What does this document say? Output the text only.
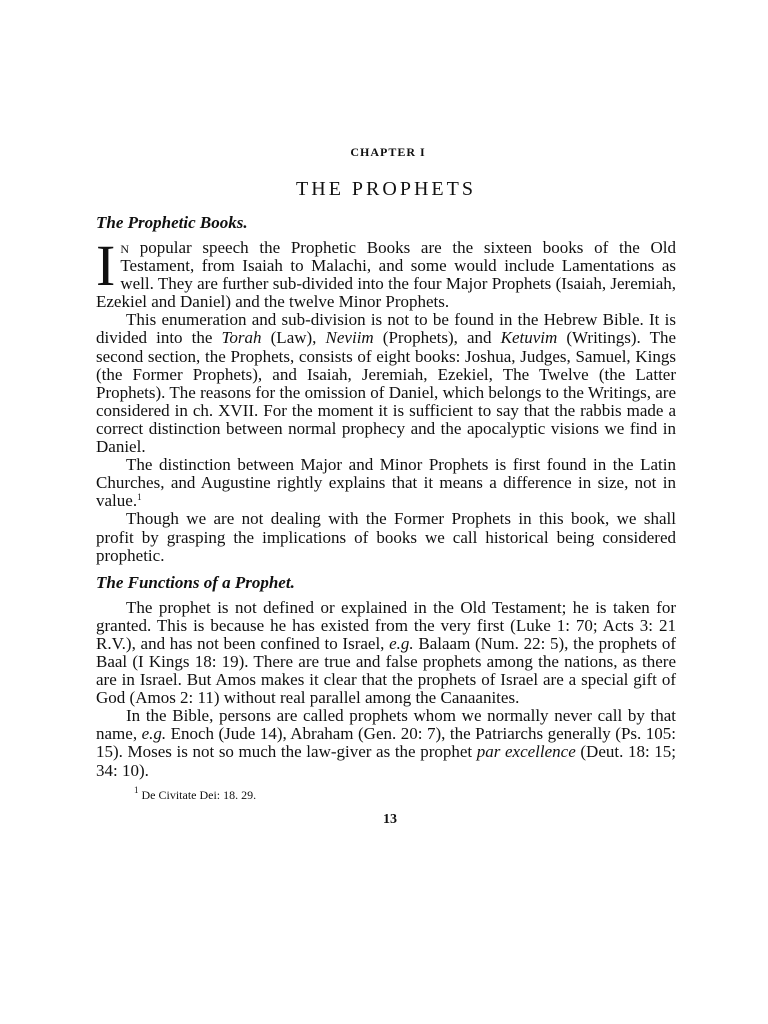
CHAPTER I

THE PROPHETS
The Prophetic Books.

In popular speech the Prophetic Books are the sixteen books of the Old Testament, from Isaiah to Malachi, and some would include Lamentations as well. They are further sub-divided into the four Major Prophets (Isaiah, Jeremiah, Ezekiel and Daniel) and the twelve Minor Prophets.

This enumeration and sub-division is not to be found in the Hebrew Bible. It is divided into the Torah (Law), Neviim (Prophets), and Ketuvim (Writings). The second section, the Prophets, consists of eight books: Joshua, Judges, Samuel, Kings (the Former Prophets), and Isaiah, Jeremiah, Ezekiel, The Twelve (the Latter Prophets). The reasons for the omission of Daniel, which belongs to the Writings, are considered in ch. XVII. For the moment it is sufficient to say that the rabbis made a correct distinction between normal prophecy and the apocalyptic visions we find in Daniel.

The distinction between Major and Minor Prophets is first found in the Latin Churches, and Augustine rightly explains that it means a difference in size, not in value.$^1$

Though we are not dealing with the Former Prophets in this book, we shall profit by grasping the implications of books we call historical being considered prophetic.

The Functions of a Prophet.

The prophet is not defined or explained in the Old Testament; he is taken for granted. This is because he has existed from the very first (Luke 1: 70; Acts 3: 21 R.V.), and has not been confined to Israel, e.g. Balaam (Num. 22: 5), the prophets of Baal (I Kings 18: 19). There are true and false prophets among the nations, as there are in Israel. But Amos makes it clear that the prophets of Israel are a special gift of God (Amos 2: 11) without real parallel among the Canaanites.

In the Bible, persons are called prophets whom we normally never call by that name, e.g. Enoch (Jude 14), Abraham (Gen. 20: 7), the Patriarchs generally (Ps. 105: 15). Moses is not so much the law-giver as the prophet par excellence (Deut. 18: 15; 34: 10).

$^1$ De Civitate Dei: 18. 29.

13
